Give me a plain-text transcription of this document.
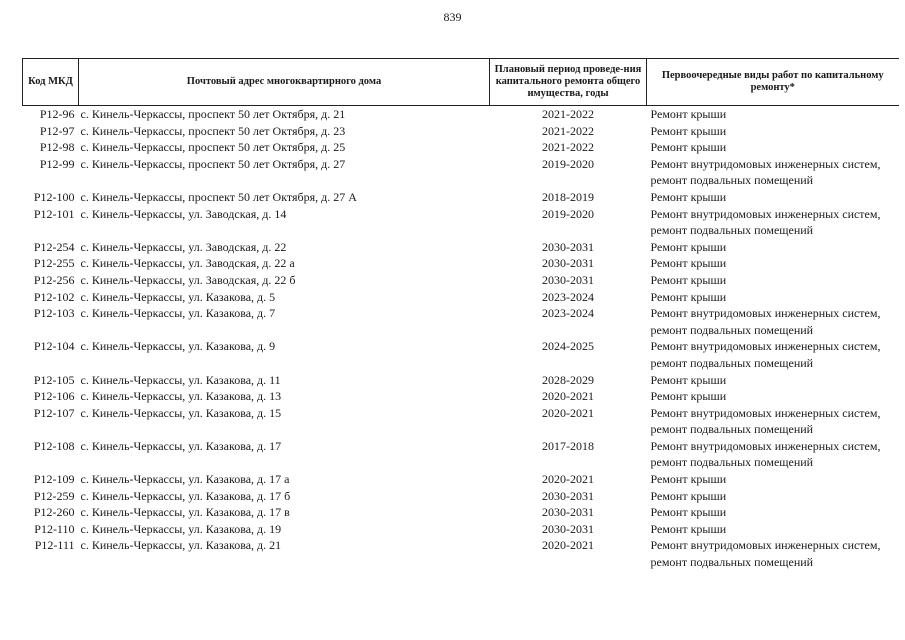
839
Код МКД	Почтовый адрес многоквартирного дома	Плановый период проведе-ния капитального ремонта общего имущества, годы	Первоочередные виды работ по капитальному ремонту*
P12-96	с. Кинель-Черкассы, проспект 50 лет Октября, д. 21	2021-2022	Ремонт крыши

P12-97	с. Кинель-Черкассы, проспект 50 лет Октября, д. 23	2021-2022	Ремонт крыши

P12-98	с. Кинель-Черкассы, проспект 50 лет Октября, д. 25	2021-2022	Ремонт крыши

P12-99	с. Кинель-Черкассы, проспект 50 лет Октября, д. 27	2019-2020	Ремонт внутридомовых инженерных систем,
ремонт подвальных помещений

P12-100	с. Кинель-Черкассы, проспект 50 лет Октября, д. 27 А	2018-2019	Ремонт крыши

P12-101	с. Кинель-Черкассы, ул. Заводская, д. 14	2019-2020	Ремонт внутридомовых инженерных систем,
ремонт подвальных помещений

P12-254	с. Кинель-Черкассы, ул. Заводская, д. 22	2030-2031	Ремонт крыши

P12-255	с. Кинель-Черкассы, ул. Заводская, д. 22 а	2030-2031	Ремонт крыши

P12-256	с. Кинель-Черкассы, ул. Заводская, д. 22 б	2030-2031	Ремонт крыши

P12-102	с. Кинель-Черкассы, ул. Казакова, д. 5	2023-2024	Ремонт крыши

P12-103	с. Кинель-Черкассы, ул. Казакова, д. 7	2023-2024	Ремонт внутридомовых инженерных систем,
ремонт подвальных помещений

P12-104	с. Кинель-Черкассы, ул. Казакова, д. 9	2024-2025	Ремонт внутридомовых инженерных систем,
ремонт подвальных помещений

P12-105	с. Кинель-Черкассы, ул. Казакова, д. 11	2028-2029	Ремонт крыши

P12-106	с. Кинель-Черкассы, ул. Казакова, д. 13	2020-2021	Ремонт крыши

P12-107	с. Кинель-Черкассы, ул. Казакова, д. 15	2020-2021	Ремонт внутридомовых инженерных систем,
ремонт подвальных помещений

P12-108	с. Кинель-Черкассы, ул. Казакова, д. 17	2017-2018	Ремонт внутридомовых инженерных систем,
ремонт подвальных помещений

P12-109	с. Кинель-Черкассы, ул. Казакова, д. 17 а	2020-2021	Ремонт крыши

P12-259	с. Кинель-Черкассы, ул. Казакова, д. 17 б	2030-2031	Ремонт крыши

P12-260	с. Кинель-Черкассы, ул. Казакова, д. 17 в	2030-2031	Ремонт крыши

P12-110	с. Кинель-Черкассы, ул. Казакова, д. 19	2030-2031	Ремонт крыши

P12-111	с. Кинель-Черкассы, ул. Казакова, д. 21	2020-2021	Ремонт внутридомовых инженерных систем,
ремонт подвальных помещений
